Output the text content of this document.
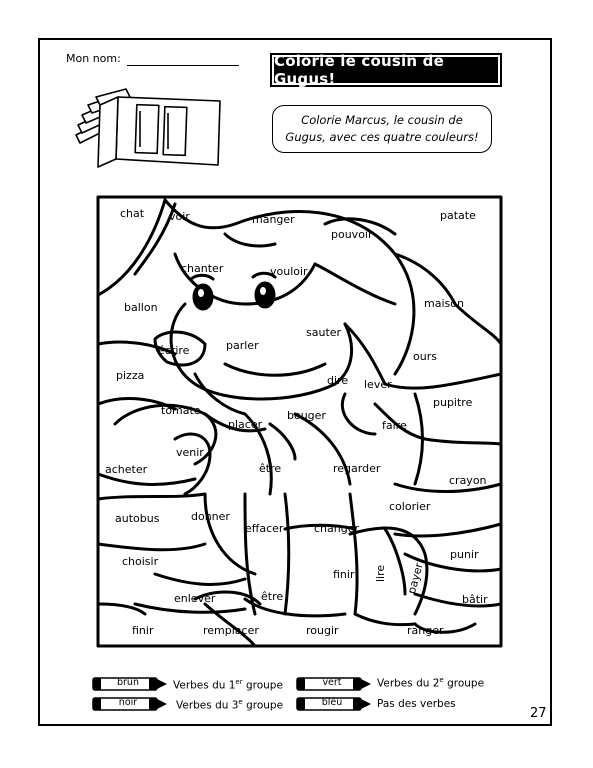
Mon nom:	Colorie le cousin de Gugus!
Colorie Marcus, le cousin de
Gugus, avec ces quatre couleurs!
chat voir	manger	patate
pouvoir
chanter	vouloir
ballon	maison
sauter
écrire	parler
ours
pizza	dire lever
pupitre
tomate	bouger
placer	faire
venir
acheter	être	regarder
crayon
colorier
autobus	donner
effacer	changer
choisir
punir
finir lire payer
enlever	être	bâtir
finir	remplacer	rougir	ranger
brun	Verbes du 1er groupe	vert	Verbes du 2e groupe
noir	Verbes du 3e groupe	bleu	Pas des verbes
27
